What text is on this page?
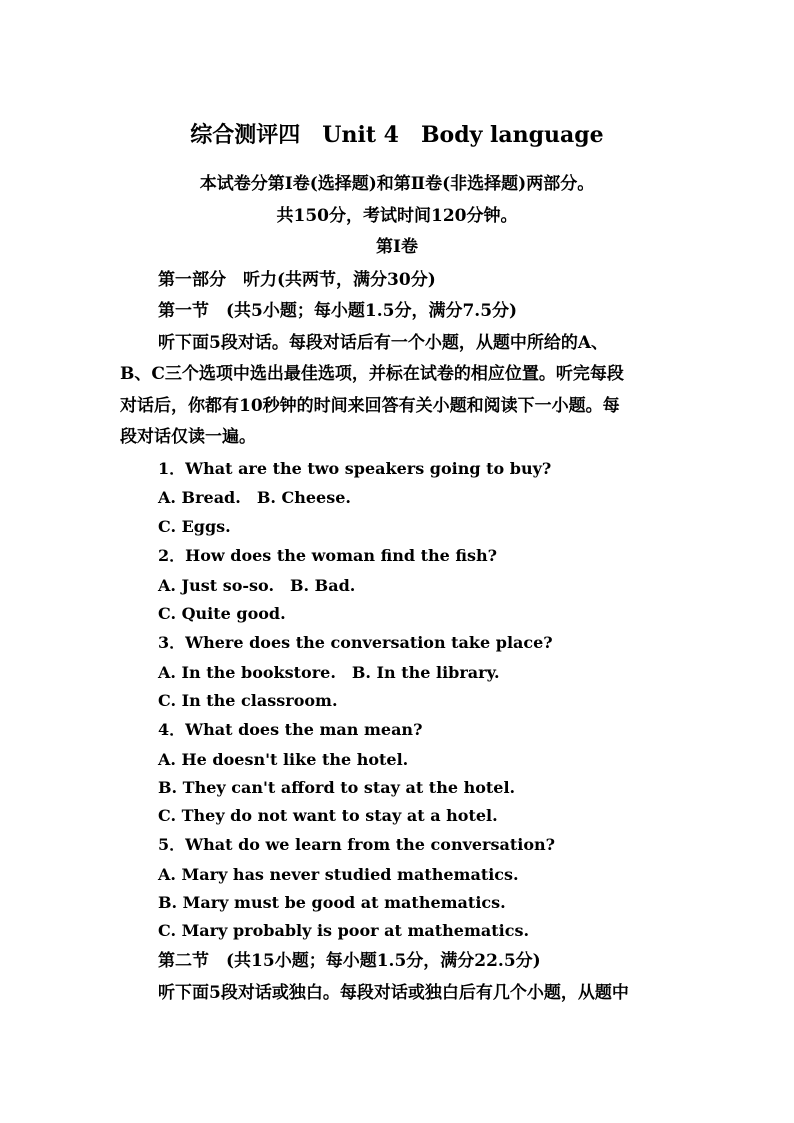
综合测评四　Unit 4　Body language
本试卷分第Ⅰ卷(选择题)和第Ⅱ卷(非选择题)两部分。
共150分，考试时间120分钟。
第Ⅰ卷
第一部分　听力(共两节，满分30分)
第一节　(共5小题；每小题1.5分，满分7.5分)
听下面5段对话。每段对话后有一个小题，从题中所给的A、
B、C三个选项中选出最佳选项，并标在试卷的相应位置。听完每段
对话后，你都有10秒钟的时间来回答有关小题和阅读下一小题。每
段对话仅读一遍。
1．What are the two speakers going to buy?
A. Bread.　B. Cheese.
C. Eggs.
2．How does the woman find the fish?
A. Just so-so.　B. Bad.
C. Quite good.
3．Where does the conversation take place?
A. In the bookstore.　B. In the library.
C. In the classroom.
4．What does the man mean?
A. He doesn't like the hotel.
B. They can't afford to stay at the hotel.
C. They do not want to stay at a hotel.
5．What do we learn from the conversation?
A. Mary has never studied mathematics.
B. Mary must be good at mathematics.
C. Mary probably is poor at mathematics.
第二节　(共15小题；每小题1.5分，满分22.5分)
听下面5段对话或独白。每段对话或独白后有几个小题，从题中
